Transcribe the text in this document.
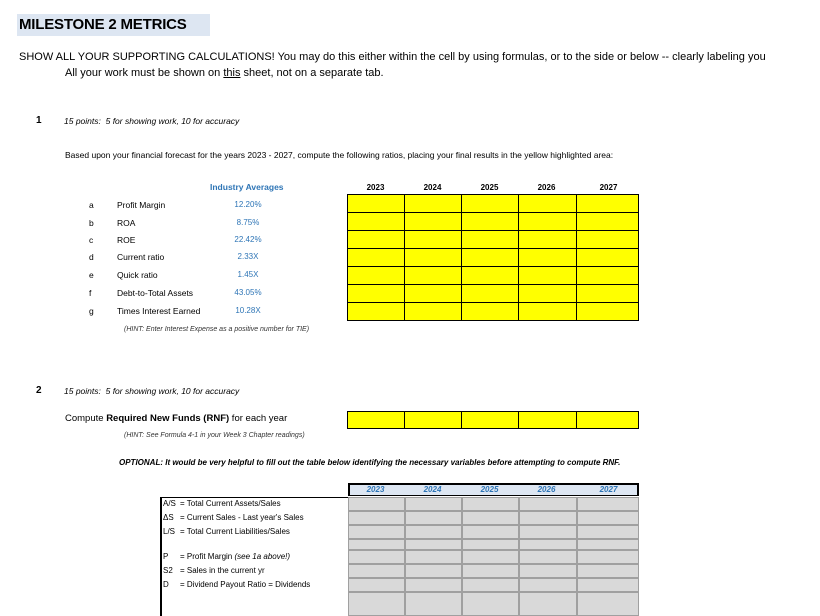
MILESTONE 2 METRICS
SHOW ALL YOUR SUPPORTING CALCULATIONS! You may do this either within the cell by using formulas, or to the side or below -- clearly labeling you
All your work must be shown on this sheet, not on a separate tab.
1	15 points: 5 for showing work, 10 for accuracy
Based upon your financial forecast for the years 2023 - 2027, compute the following ratios, placing your final results in the yellow highlighted area:
Industry Averages	2023	2024	2025	2026	2027
a	Profit Margin	12.20%
b	ROA	8.75%
c	ROE	22.42%
d	Current ratio	2.33X
e	Quick ratio	1.45X
f	Debt-to-Total Assets	43.05%
g	Times Interest Earned	10.28X
(HINT: Enter Interest Expense as a positive number for TIE)
2	15 points: 5 for showing work, 10 for accuracy
Compute Required New Funds (RNF) for each year
(HINT: See Formula 4-1 in your Week 3 Chapter readings)
OPTIONAL: It would be very helpful to fill out the table below identifying the necessary variables before attempting to compute RNF.
2023	2024	2025	2026	2027
A/S = Total Current Assets/Sales
ΔS = Current Sales - Last year's Sales
L/S = Total Current Liabilities/Sales
P = Profit Margin (see 1a above!)
S2 = Sales in the current yr
D = Dividend Payout Ratio = Dividends
